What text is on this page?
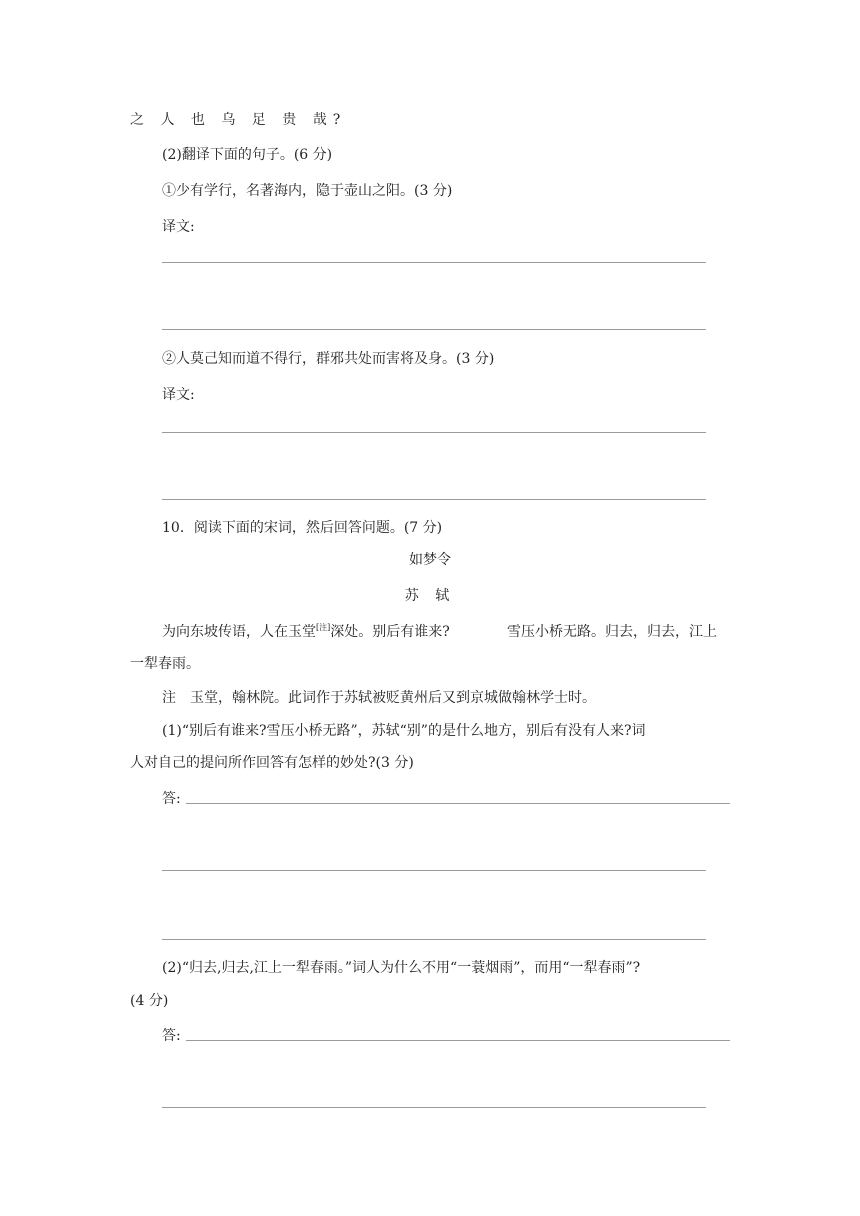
之 人 也 乌 足 贵 哉?
(2)翻译下面的句子。(6 分)
①少有学行，名著海内，隐于壶山之阳。(3 分)
译文:
②人莫己知而道不得行，群邪共处而害将及身。(3 分)
译文:
10．阅读下面的宋词，然后回答问题。(7 分)
如梦令
苏 轼
为向东坡传语，人在玉堂[注]深处。别后有谁来?	雪压小桥无路。归去，归去，江上
一犁春雨。
注　玉堂，翰林院。此词作于苏轼被贬黄州后又到京城做翰林学士时。
(1)“别后有谁来?雪压小桥无路”，苏轼“别”的是什么地方，别后有没有人来?词
人对自己的提问所作回答有怎样的妙处?(3 分)
答:
(2)“归去,归去,江上一犁春雨。”词人为什么不用“一蓑烟雨”，而用“一犁春雨”?
(4 分)
答:
